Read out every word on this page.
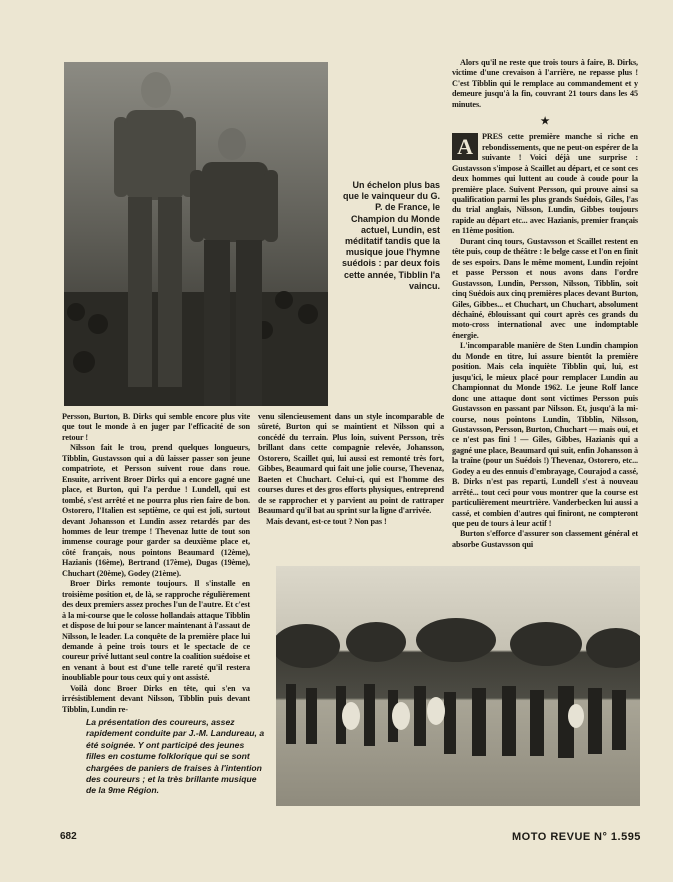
Un échelon plus bas que le vainqueur du G. P. de France, le Champion du Monde actuel, Lundin, est méditatif tandis que la musique joue l'hymne suédois : par deux fois cette année, Tibblin l'a vaincu.

Alors qu'il ne reste que trois tours à faire, B. Dirks, victime d'une crevaison à l'arrière, ne repasse plus ! C'est Tibblin qui le remplace au commandement et y demeure jusqu'à la fin, couvrant 21 tours dans les 45 minutes.

★
A	PRES cette première manche si riche en rebondissements, que ne peut-on espérer de la suivante ! Voici déjà une surprise : Gustavsson s'impose à Scaillet au départ, et ce sont ces deux hommes qui luttent au coude à coude pour la première place. Suivent Persson, qui prouve ainsi sa qualification parmi les plus grands Suédois, Giles, l'as du trial anglais, Nilsson, Lundin, Gibbes toujours rapide au départ etc... avec Hazianis, premier français en 11ème position.

Durant cinq tours, Gustavsson et Scaillet restent en tête puis, coup de théâtre : le belge casse et l'on en finit de ses espoirs. Dans le même moment, Lundin rejoint et passe Persson et nous avons dans l'ordre Gustavsson, Lundin, Persson, Nilsson, Tibblin, soit cinq Suédois aux cinq premières places devant Burton, Giles, Gibbes... et Chuchart, un Chuchart, absolument déchaîné, éblouissant qui court après ces grands du moto-cross international avec une indomptable énergie.

L'incomparable manière de Sten Lundin champion du Monde en titre, lui assure bientôt la première position. Mais cela inquiète Tibblin qui, lui, est jusqu'ici, le mieux placé pour remplacer Lundin au Championnat du Monde 1962. Le jeune Rolf lance donc une attaque dont sont victimes Persson puis Gustavsson en passant par Nilsson. Et, jusqu'à la mi-course, nous pointons Lundin, Tibblin, Nilsson, Gustavsson, Persson, Burton, Chuchart — mais oui, et ce n'est pas fini ! — Giles, Gibbes, Hazianis qui a gagné une place, Beaumard qui suit, enfin Johansson à la traîne (pour un Suédois !) Thevenaz, Ostorero, etc... Godey a eu des ennuis d'embrayage, Courajod a cassé, B. Dirks n'est pas reparti, Lundell s'est à nouveau arrêté... tout ceci pour vous montrer que la course est particulièrement meurtrière. Vanderbecken lui aussi a cassé, et combien d'autres qui finiront, ne compteront que peu de tours à leur actif !

Burton s'efforce d'assurer son classement général et absorbe Gustavsson qui

Persson, Burton, B. Dirks qui semble encore plus vite que tout le monde à en juger par l'efficacité de son retour !

Nilsson fait le trou, prend quelques longueurs, Tibblin, Gustavsson qui a dû laisser passer son jeune compatriote, et Persson suivent roue dans roue. Ensuite, arrivent Broer Dirks qui a encore gagné une place, et Burton, qui l'a perdue ! Lundell, qui est tombé, s'est arrêté et ne pourra plus rien faire de bon. Ostorero, l'Italien est septième, ce qui est joli, surtout devant Johansson et Lundin assez retardés par des hommes de leur trempe ! Thevenaz lutte de tout son immense courage pour garder sa deuxième place et, côté français, nous pointons Beaumard (12ème), Hazianis (16ème), Bertrand (17ème), Dugas (19ème), Chuchart (20ème), Godey (21ème).

Broer Dirks remonte toujours. Il s'installe en troisième position et, de là, se rapproche régulièrement des deux premiers assez proches l'un de l'autre. Et c'est à la mi-course que le colosse hollandais attaque Tibblin et dispose de lui pour se lancer maintenant à l'assaut de Nilsson, le leader. La conquête de la première place lui demande à peine trois tours et le spectacle de ce coureur privé luttant seul contre la coalition suédoise et en venant à bout est d'une telle rareté qu'il restera inoubliable pour tous ceux qui y ont assisté.

Voilà donc Broer Dirks en tête, qui s'en va irrésistiblement devant Nilsson, Tibblin puis devant Tibblin, Lundin re-

venu silencieusement dans un style incomparable de sûreté, Burton qui se maintient et Nilsson qui a concédé du terrain. Plus loin, suivent Persson, très brillant dans cette compagnie relevée, Johansson, Ostorero, Scaillet qui, lui aussi est remonté très fort, Gibbes, Beaumard qui fait une jolie course, Thevenaz, Baeten et Chuchart. Celui-ci, qui est l'homme des courses dures et des gros efforts physiques, entreprend de se rapprocher et y parvient au point de rattraper Beaumard qu'il bat au sprint sur la ligne d'arrivée.

Mais devant, est-ce tout ? Non pas !

La présentation des coureurs, assez rapidement conduite par J.-M. Landureau, a été soignée. Y ont participé des jeunes filles en costume folklorique qui se sont chargées de paniers de fraises à l'intention des coureurs ; et la très brillante musique de la 9me Région.
682	MOTO REVUE N° 1.595
